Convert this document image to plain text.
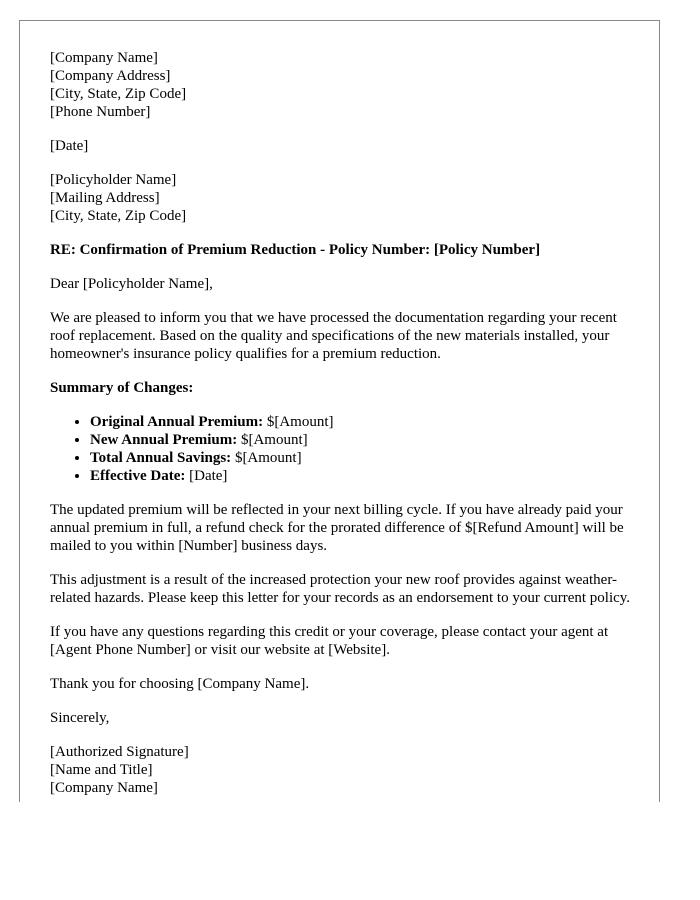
[Company Name]
[Company Address]
[City, State, Zip Code]
[Phone Number]
[Date]
[Policyholder Name]
[Mailing Address]
[City, State, Zip Code]
RE: Confirmation of Premium Reduction - Policy Number: [Policy Number]
Dear [Policyholder Name],
We are pleased to inform you that we have processed the documentation regarding your recent roof replacement. Based on the quality and specifications of the new materials installed, your homeowner's insurance policy qualifies for a premium reduction.
Summary of Changes:
• Original Annual Premium: $[Amount]
• New Annual Premium: $[Amount]
• Total Annual Savings: $[Amount]
• Effective Date: [Date]
The updated premium will be reflected in your next billing cycle. If you have already paid your annual premium in full, a refund check for the prorated difference of $[Refund Amount] will be mailed to you within [Number] business days.
This adjustment is a result of the increased protection your new roof provides against weather-related hazards. Please keep this letter for your records as an endorsement to your current policy.
If you have any questions regarding this credit or your coverage, please contact your agent at [Agent Phone Number] or visit our website at [Website].
Thank you for choosing [Company Name].
Sincerely,
[Authorized Signature]
[Name and Title]
[Company Name]
